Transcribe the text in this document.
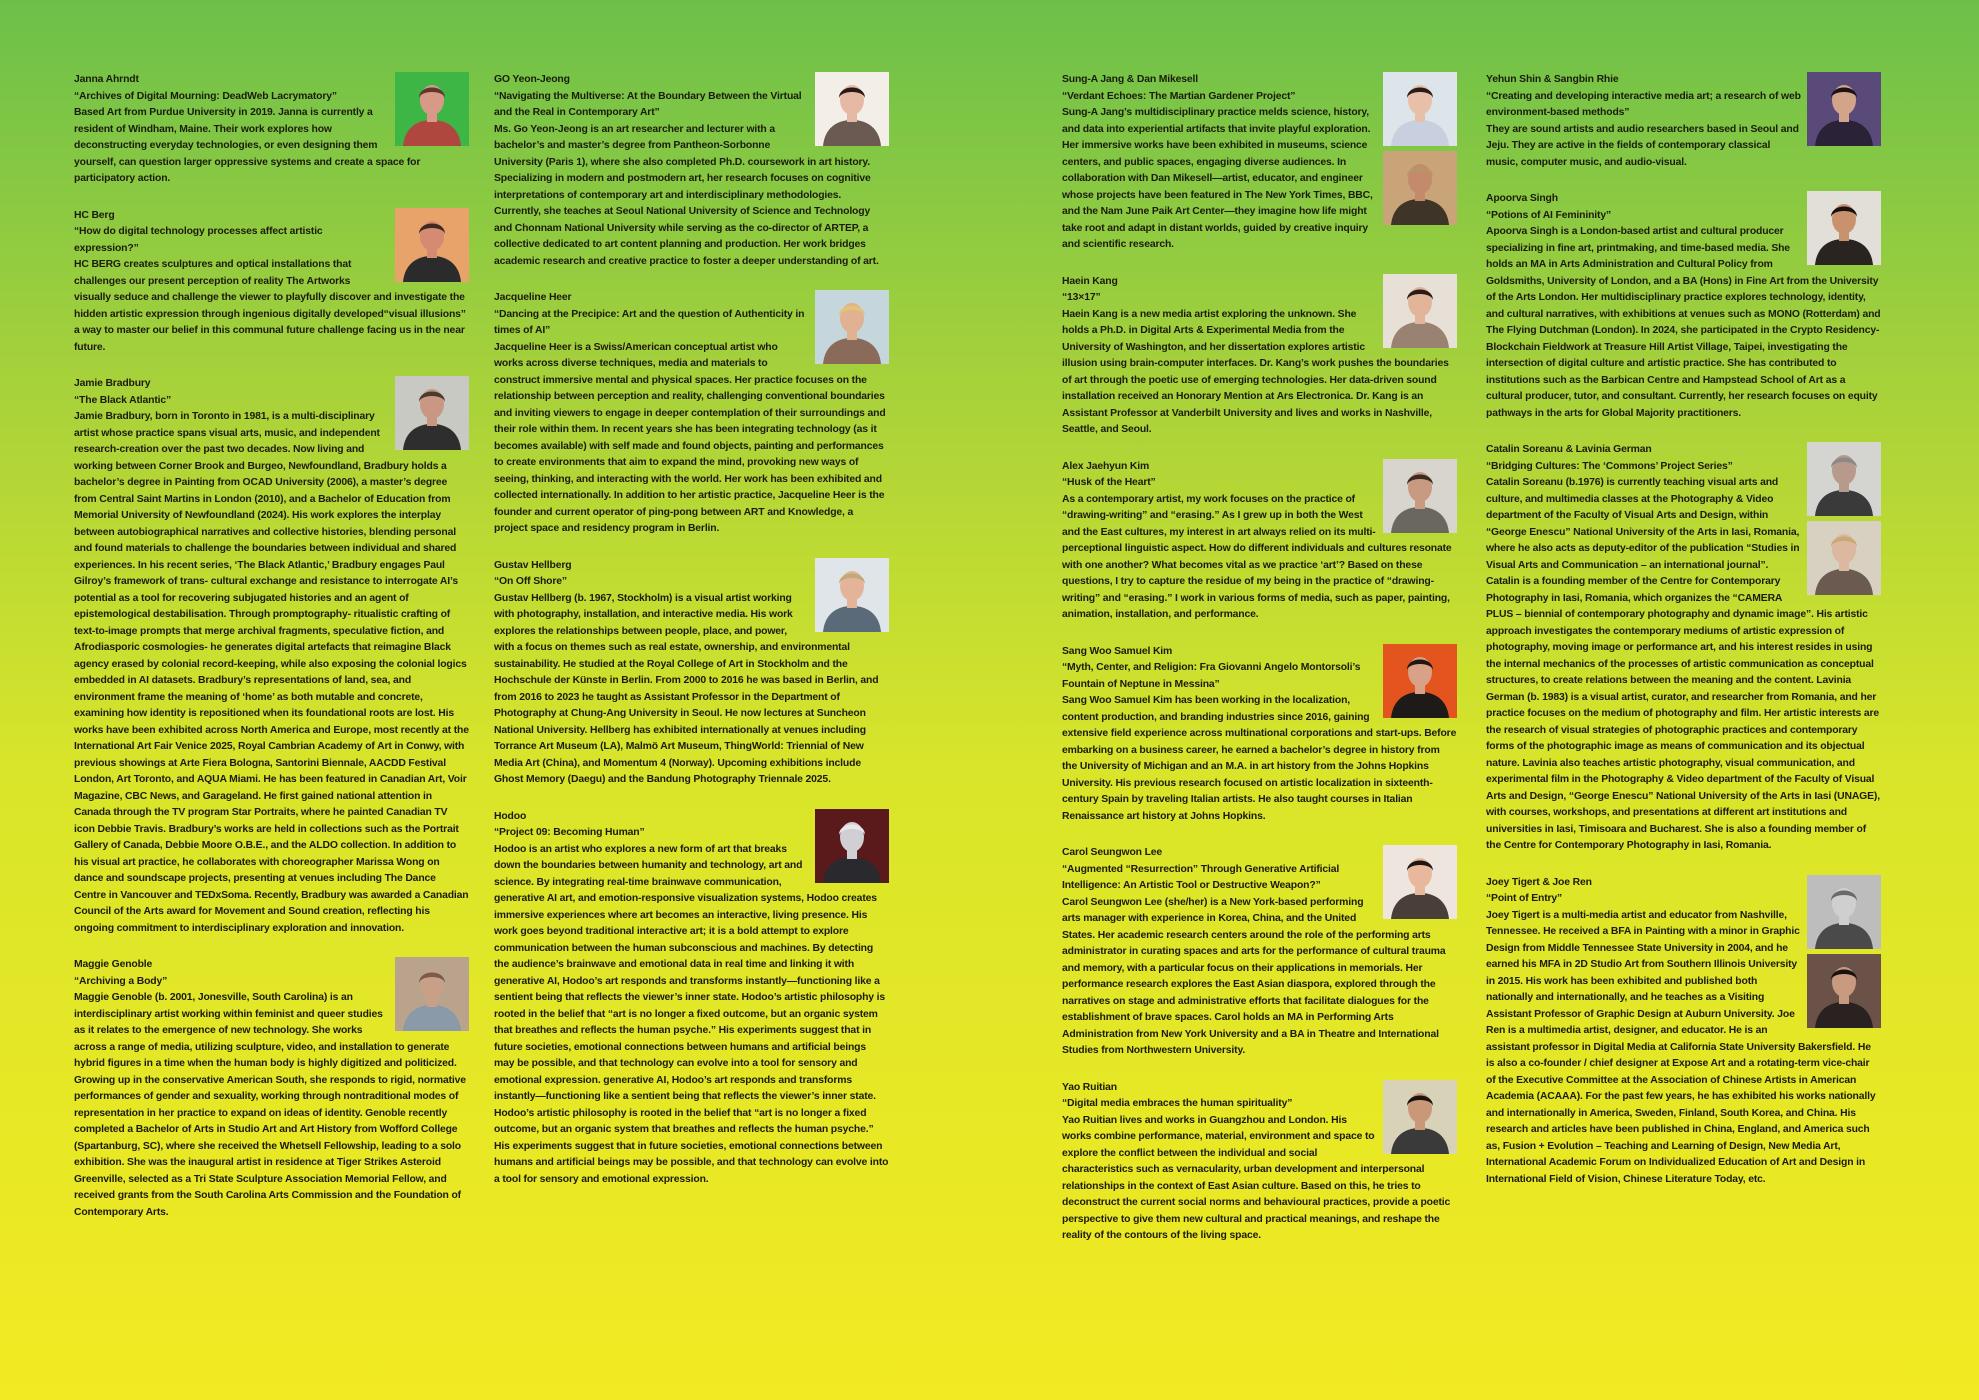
Janna Ahrndt

“Archives of Digital Mourning: DeadWeb Lacrymatory”

Based Art from Purdue University in 2019. Janna is currently a resident of Windham, Maine. Their work explores how deconstructing everyday technologies, or even designing them yourself, can question larger oppressive systems and create a space for participatory action.

HC Berg

“How do digital technology processes affect artistic expression?”

HC BERG creates sculptures and optical installations that challenges our present perception of reality The Artworks visually seduce and challenge the viewer to playfully discover and investigate the hidden artistic expression through ingenious digitally developed“visual illusions” a way to master our belief in this communal future challenge facing us in the near future.

Jamie Bradbury

“The Black Atlantic”

Jamie Bradbury, born in Toronto in 1981, is a multi-disciplinary artist whose practice spans visual arts, music, and independent research-creation over the past two decades. Now living and working between Corner Brook and Burgeo, Newfoundland, Bradbury holds a bachelor’s degree in Painting from OCAD University (2006), a master’s degree from Central Saint Martins in London (2010), and a Bachelor of Education from Memorial University of Newfoundland (2024). His work explores the interplay between autobiographical narratives and collective histories, blending personal and found materials to challenge the boundaries between individual and shared experiences. In his recent series, ‘The Black Atlantic,’ Bradbury engages Paul Gilroy’s framework of trans- cultural exchange and resistance to interrogate AI’s potential as a tool for recovering subjugated histories and an agent of epistemological destabilisation. Through promptography- ritualistic crafting of text-to-image prompts that merge archival fragments, speculative fiction, and Afrodiasporic cosmologies- he generates digital artefacts that reimagine Black agency erased by colonial record-keeping, while also exposing the colonial logics embedded in AI datasets. Bradbury’s representations of land, sea, and environment frame the meaning of ‘home’ as both mutable and concrete, examining how identity is repositioned when its foundational roots are lost. His works have been exhibited across North America and Europe, most recently at the International Art Fair Venice 2025, Royal Cambrian Academy of Art in Conwy, with previous showings at Arte Fiera Bologna, Santorini Biennale, AACDD Festival London, Art Toronto, and AQUA Miami. He has been featured in Canadian Art, Voir Magazine, CBC News, and Garageland. He first gained national attention in Canada through the TV program Star Portraits, where he painted Canadian TV icon Debbie Travis. Bradbury’s works are held in collections such as the Portrait Gallery of Canada, Debbie Moore O.B.E., and the ALDO collection. In addition to his visual art practice, he collaborates with choreographer Marissa Wong on dance and soundscape projects, presenting at venues including The Dance Centre in Vancouver and TEDxSoma. Recently, Bradbury was awarded a Canadian Council of the Arts award for Movement and Sound creation, reflecting his ongoing commitment to interdisciplinary exploration and innovation.

Maggie Genoble

“Archiving a Body”

Maggie Genoble (b. 2001, Jonesville, South Carolina) is an interdisciplinary artist working within feminist and queer studies as it relates to the emergence of new technology. She works across a range of media, utilizing sculpture, video, and installation to generate hybrid figures in a time when the human body is highly digitized and politicized. Growing up in the conservative American South, she responds to rigid, normative performances of gender and sexuality, working through nontraditional modes of representation in her practice to expand on ideas of identity. Genoble recently completed a Bachelor of Arts in Studio Art and Art History from Wofford College (Spartanburg, SC), where she received the Whetsell Fellowship, leading to a solo exhibition. She was the inaugural artist in residence at Tiger Strikes Asteroid Greenville, selected as a Tri State Sculpture Association Memorial Fellow, and received grants from the South Carolina Arts Commission and the Foundation of Contemporary Arts.

GO Yeon-Jeong

“Navigating the Multiverse: At the Boundary Between the Virtual and the Real in Contemporary Art”

Ms. Go Yeon-Jeong is an art researcher and lecturer with a bachelor’s and master’s degree from Pantheon-Sorbonne University (Paris 1), where she also completed Ph.D. coursework in art history. Specializing in modern and postmodern art, her research focuses on cognitive interpretations of contemporary art and interdisciplinary methodologies. Currently, she teaches at Seoul National University of Science and Technology and Chonnam National University while serving as the co-director of ARTEP, a collective dedicated to art content planning and production. Her work bridges academic research and creative practice to foster a deeper understanding of art.

Jacqueline Heer

“Dancing at the Precipice: Art and the question of Authenticity in times of AI”

Jacqueline Heer is a Swiss/American conceptual artist who works across diverse techniques, media and materials to construct immersive mental and physical spaces. Her practice focuses on the relationship between perception and reality, challenging conventional boundaries and inviting viewers to engage in deeper contemplation of their surroundings and their role within them. In recent years she has been integrating technology (as it becomes available) with self made and found objects, painting and performances to create environments that aim to expand the mind, provoking new ways of seeing, thinking, and interacting with the world. Her work has been exhibited and collected internationally. In addition to her artistic practice, Jacqueline Heer is the founder and current operator of ping-pong between ART and Knowledge, a project space and residency program in Berlin.

Gustav Hellberg

“On Off Shore”

Gustav Hellberg (b. 1967, Stockholm) is a visual artist working with photography, installation, and interactive media. His work explores the relationships between people, place, and power, with a focus on themes such as real estate, ownership, and environmental sustainability. He studied at the Royal College of Art in Stockholm and the Hochschule der Künste in Berlin. From 2000 to 2016 he was based in Berlin, and from 2016 to 2023 he taught as Assistant Professor in the Department of Photography at Chung-Ang University in Seoul. He now lectures at Suncheon National University. Hellberg has exhibited internationally at venues including Torrance Art Museum (LA), Malmö Art Museum, ThingWorld: Triennial of New Media Art (China), and Momentum 4 (Norway). Upcoming exhibitions include Ghost Memory (Daegu) and the Bandung Photography Triennale 2025.

Hodoo

“Project 09: Becoming Human”

Hodoo is an artist who explores a new form of art that breaks down the boundaries between humanity and technology, art and science. By integrating real-time brainwave communication, generative AI art, and emotion-responsive visualization systems, Hodoo creates immersive experiences where art becomes an interactive, living presence. His work goes beyond traditional interactive art; it is a bold attempt to explore communication between the human subconscious and machines. By detecting the audience’s brainwave and emotional data in real time and linking it with generative AI, Hodoo’s art responds and transforms instantly—functioning like a sentient being that reflects the viewer’s inner state. Hodoo’s artistic philosophy is rooted in the belief that “art is no longer a fixed outcome, but an organic system that breathes and reflects the human psyche.” His experiments suggest that in future societies, emotional connections between humans and artificial beings may be possible, and that technology can evolve into a tool for sensory and emotional expression. generative AI, Hodoo’s art responds and transforms instantly—functioning like a sentient being that reflects the viewer’s inner state. Hodoo’s artistic philosophy is rooted in the belief that “art is no longer a fixed outcome, but an organic system that breathes and reflects the human psyche.” His experiments suggest that in future societies, emotional connections between humans and artificial beings may be possible, and that technology can evolve into a tool for sensory and emotional expression.

Sung-A Jang & Dan Mikesell

“Verdant Echoes: The Martian Gardener Project”

Sung-A Jang’s multidisciplinary practice melds science, history, and data into experiential artifacts that invite playful exploration. Her immersive works have been exhibited in museums, science centers, and public spaces, engaging diverse audiences. In collaboration with Dan Mikesell—artist, educator, and engineer whose projects have been featured in The New York Times, BBC, and the Nam June Paik Art Center—they imagine how life might take root and adapt in distant worlds, guided by creative inquiry and scientific research.

Haein Kang

“13×17”

Haein Kang is a new media artist exploring the unknown. She holds a Ph.D. in Digital Arts & Experimental Media from the University of Washington, and her dissertation explores artistic illusion using brain-computer interfaces. Dr. Kang’s work pushes the boundaries of art through the poetic use of emerging technologies. Her data-driven sound installation received an Honorary Mention at Ars Electronica. Dr. Kang is an Assistant Professor at Vanderbilt University and lives and works in Nashville, Seattle, and Seoul.

Alex Jaehyun Kim

“Husk of the Heart”

As a contemporary artist, my work focuses on the practice of “drawing-writing” and “erasing.” As I grew up in both the West and the East cultures, my interest in art always relied on its multi-perceptional linguistic aspect. How do different individuals and cultures resonate with one another? What becomes vital as we practice ‘art’? Based on these questions, I try to capture the residue of my being in the practice of “drawing-writing” and “erasing.” I work in various forms of media, such as paper, painting, animation, installation, and performance.

Sang Woo Samuel Kim

“Myth, Center, and Religion: Fra Giovanni Angelo Montorsoli’s Fountain of Neptune in Messina”

Sang Woo Samuel Kim has been working in the localization, content production, and branding industries since 2016, gaining extensive field experience across multinational corporations and start-ups. Before embarking on a business career, he earned a bachelor’s degree in history from the University of Michigan and an M.A. in art history from the Johns Hopkins University. His previous research focused on artistic localization in sixteenth-century Spain by traveling Italian artists. He also taught courses in Italian Renaissance art history at Johns Hopkins.

Carol Seungwon Lee

“Augmented “Resurrection” Through Generative Artificial Intelligence: An Artistic Tool or Destructive Weapon?”

Carol Seungwon Lee (she/her) is a New York-based performing arts manager with experience in Korea, China, and the United States. Her academic research centers around the role of the performing arts administrator in curating spaces and arts for the performance of cultural trauma and memory, with a particular focus on their applications in memorials. Her performance research explores the East Asian diaspora, explored through the narratives on stage and administrative efforts that facilitate dialogues for the establishment of brave spaces. Carol holds an MA in Performing Arts Administration from New York University and a BA in Theatre and International Studies from Northwestern University.

Yao Ruitian

“Digital media embraces the human spirituality”

Yao Ruitian lives and works in Guangzhou and London. His works combine performance, material, environment and space to explore the conflict between the individual and social characteristics such as vernacularity, urban development and interpersonal relationships in the context of East Asian culture. Based on this, he tries to deconstruct the current social norms and behavioural practices, provide a poetic perspective to give them new cultural and practical meanings, and reshape the reality of the contours of the living space.

Yehun Shin & Sangbin Rhie

“Creating and developing interactive media art; a research of web environment-based methods”

They are sound artists and audio researchers based in Seoul and Jeju. They are active in the fields of contemporary classical music, computer music, and audio-visual.

Apoorva Singh

“Potions of AI Femininity”

Apoorva Singh is a London-based artist and cultural producer specializing in fine art, printmaking, and time-based media. She holds an MA in Arts Administration and Cultural Policy from Goldsmiths, University of London, and a BA (Hons) in Fine Art from the University of the Arts London. Her multidisciplinary practice explores technology, identity, and cultural narratives, with exhibitions at venues such as MONO (Rotterdam) and The Flying Dutchman (London). In 2024, she participated in the Crypto Residency-Blockchain Fieldwork at Treasure Hill Artist Village, Taipei, investigating the intersection of digital culture and artistic practice. She has contributed to institutions such as the Barbican Centre and Hampstead School of Art as a cultural producer, tutor, and consultant. Currently, her research focuses on equity pathways in the arts for Global Majority practitioners.

Catalin Soreanu & Lavinia German

“Bridging Cultures: The ‘Commons’ Project Series”

Catalin Soreanu (b.1976) is currently teaching visual arts and culture, and multimedia classes at the Photography & Video department of the Faculty of Visual Arts and Design, within “George Enescu” National University of the Arts in Iasi, Romania, where he also acts as deputy-editor of the publication “Studies in Visual Arts and Communication – an international journal”. Catalin is a founding member of the Centre for Contemporary Photography in Iasi, Romania, which organizes the “CAMERA PLUS – biennial of contemporary photography and dynamic image”. His artistic approach investigates the contemporary mediums of artistic expression of photography, moving image or performance art, and his interest resides in using the internal mechanics of the processes of artistic communication as conceptual structures, to create relations between the meaning and the content. Lavinia German (b. 1983) is a visual artist, curator, and researcher from Romania, and her practice focuses on the medium of photography and film. Her artistic interests are the research of visual strategies of photographic practices and contemporary forms of the photographic image as means of communication and its objectual nature. Lavinia also teaches artistic photography, visual communication, and experimental film in the Photography & Video department of the Faculty of Visual Arts and Design, “George Enescu” National University of the Arts in Iasi (UNAGE), with courses, workshops, and presentations at different art institutions and universities in Iasi, Timisoara and Bucharest. She is also a founding member of the Centre for Contemporary Photography in Iasi, Romania.

Joey Tigert & Joe Ren

“Point of Entry”

Joey Tigert is a multi-media artist and educator from Nashville, Tennessee. He received a BFA in Painting with a minor in Graphic Design from Middle Tennessee State University in 2004, and he earned his MFA in 2D Studio Art from Southern Illinois University in 2015. His work has been exhibited and published both nationally and internationally, and he teaches as a Visiting Assistant Professor of Graphic Design at Auburn University. Joe Ren is a multimedia artist, designer, and educator. He is an assistant professor in Digital Media at California State University Bakersfield. He is also a co-founder / chief designer at Expose Art and a rotating-term vice-chair of the Executive Committee at the Association of Chinese Artists in American Academia (ACAAA). For the past few years, he has exhibited his works nationally and internationally in America, Sweden, Finland, South Korea, and China. His research and articles have been published in China, England, and America such as, Fusion + Evolution – Teaching and Learning of Design, New Media Art, International Academic Forum on Individualized Education of Art and Design in International Field of Vision, Chinese Literature Today, etc.
